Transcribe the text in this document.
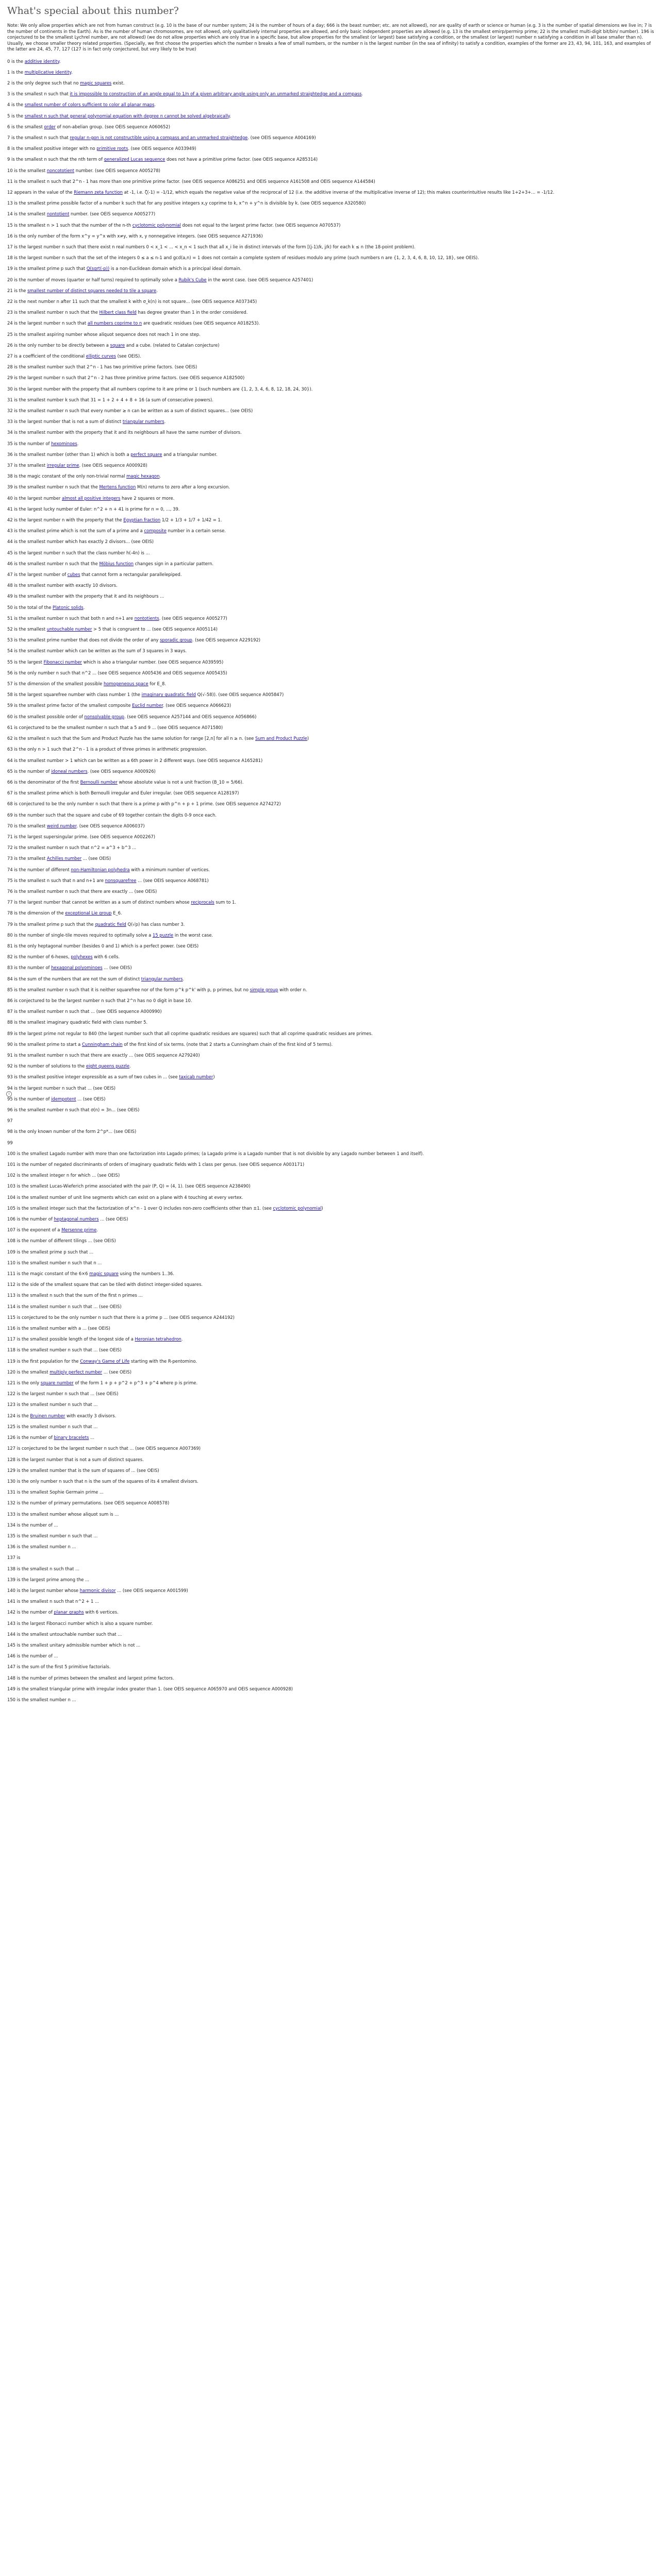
What's special about this number?

Note: We only allow properties which are not from human construct (e.g. 10 is the base of our number system; 24 is the number of hours of a day; 666 is the beast number; etc. are not allowed), nor are quality of earth or science or human (e.g. 3 is the number of spatial dimensions we live in; 7 is the number of continents in the Earth). As is the number of human chromosomes, are not allowed, only qualitatively internal properties are allowed, and only basic independent properties are allowed (e.g. 13 is the smallest emirp/permirp prime; 22 is the smallest multi-digit bit/bin/ number). 196 is conjectured to be the smallest Lychrel number, are not allowed) (we do not allow properties which are only true in a specific base, but allow properties for the smallest (or largest) base satisfying a condition, or the smallest (or largest) number n satisfying a condition in all base smaller than n). Usually, we choose smaller theory related properties. (Specially, we first choose the properties which the number n breaks a few of small numbers, or the number n is the largest number (in the sea of infinity) to satisfy a condition, examples of the former are 23, 43, 94, 101, 163, and examples of the latter are 24, 45, 77, 127 (127 is in fact only conjectured, but very likely to be true)

0 is the additive identity.

1 is the multiplicative identity.

2 is the only degree such that no magic squares exist.

3 is the smallest n such that it is impossible to construction of an angle equal to 1/n of a given arbitrary angle using only an unmarked straightedge and a compass.

4 is the smallest number of colors sufficient to color all planar maps.

5 is the smallest n such that general polynomial equation with degree n cannot be solved algebraically.

6 is the smallest order of non-abelian group. (see OEIS sequence A060652)

7 is the smallest n such that regular n-gon is not constructible using a compass and an unmarked straightedge. (see OEIS sequence A004169)

8 is the smallest positive integer with no primitive roots. (see OEIS sequence A033949)

9 is the smallest n such that the nth term of generalized Lucas sequence does not have a primitive prime factor. (see OEIS sequence A285314)

10 is the smallest noncototient number. (see OEIS sequence A005278)

11 is the smallest n such that 2^n - 1 has more than one primitive prime factor. (see OEIS sequence A086251 and OEIS sequence A161508 and OEIS sequence A144584)

12 appears in the value of the Riemann zeta function at -1, i.e. ζ(-1) = -1/12, which equals the negative value of the reciprocal of 12 (i.e. the additive inverse of the multiplicative inverse of 12); this makes counterintuitive results like 1+2+3+... = -1/12.

13 is the smallest prime possible factor of a number k such that for any positive integers x,y coprime to k, x^n + y^n is divisible by k. (see OEIS sequence A320580)

14 is the smallest nontotient number. (see OEIS sequence A005277)

15 is the smallest n > 1 such that the number of the n-th cyclotomic polynomial does not equal to the largest prime factor. (see OEIS sequence A070537)

16 is the only number of the form x^y = y^x with x≠y, with x, y nonnegative integers. (see OEIS sequence A271936)

17 is the largest number n such that there exist n real numbers 0 < x_1 < ... < x_n < 1 such that all x_i lie in distinct intervals of the form [(j-1)/k, j/k) for each k ≤ n (the 18-point problem).

18 is the largest number n such that the set of the integers 0 ≤ a ≤ n-1 and gcd(a,n) = 1 does not contain a complete system of residues modulo any prime (such numbers n are {1, 2, 3, 4, 6, 8, 10, 12, 18}, see OEIS).

19 is the smallest prime p such that Q(sqrt(-p)) is a non-Euclidean domain which is a principal ideal domain.

20 is the number of moves (quarter or half turns) required to optimally solve a Rubik's Cube in the worst case. (see OEIS sequence A257401)

21 is the smallest number of distinct squares needed to tile a square.

22 is the next number n after 11 such that the smallest k with σ_k(n) is not square... (see OEIS sequence A037345)

23 is the smallest number n such that the Hilbert class field has degree greater than 1 in the order considered.

24 is the largest number n such that all numbers coprime to n are quadratic residues (see OEIS sequence A018253).

25 is the smallest aspiring number whose aliquot sequence does not reach 1 in one step.

26 is the only number to be directly between a square and a cube. (related to Catalan conjecture)

27 is a coefficient of the conditional elliptic curves (see OEIS).

28 is the smallest number such that 2^n - 1 has two primitive prime factors. (see OEIS)

29 is the largest number n such that 2^n - 2 has three primitive prime factors. (see OEIS sequence A182500)

30 is the largest number with the property that all numbers coprime to it are prime or 1 (such numbers are {1, 2, 3, 4, 6, 8, 12, 18, 24, 30}).

31 is the smallest number k such that 31 = 1 + 2 + 4 + 8 + 16 (a sum of consecutive powers).

32 is the smallest number n such that every number ≥ n can be written as a sum of distinct squares... (see OEIS)

33 is the largest number that is not a sum of distinct triangular numbers.

34 is the smallest number with the property that it and its neighbours all have the same number of divisors.

35 is the number of hexominoes.

36 is the smallest number (other than 1) which is both a perfect square and a triangular number.

37 is the smallest irregular prime. (see OEIS sequence A000928)

38 is the magic constant of the only non-trivial normal magic hexagon.

39 is the smallest number n such that the Mertens function M(n) returns to zero after a long excursion.

40 is the largest number almost all positive integers have 2 squares or more.

41 is the largest lucky number of Euler: n^2 + n + 41 is prime for n = 0, ..., 39.

42 is the largest number n with the property that the Egyptian fraction 1/2 + 1/3 + 1/7 + 1/42 = 1.

43 is the smallest prime which is not the sum of a prime and a composite number in a certain sense.

44 is the smallest number which has exactly 2 divisors... (see OEIS)

45 is the largest number n such that the class number h(-4n) is ...

46 is the smallest number n such that the Möbius function changes sign in a particular pattern.

47 is the largest number of cubes that cannot form a rectangular parallelepiped.

48 is the smallest number with exactly 10 divisors.

49 is the smallest number with the property that it and its neighbours ...

50 is the total of the Platonic solids.

51 is the smallest number n such that both n and n+1 are nontotients. (see OEIS sequence A005277)

52 is the smallest untouchable number > 5 that is congruent to ... (see OEIS sequence A005114)

53 is the smallest prime number that does not divide the order of any sporadic group. (see OEIS sequence A229192)

54 is the smallest number which can be written as the sum of 3 squares in 3 ways.

55 is the largest Fibonacci number which is also a triangular number. (see OEIS sequence A039595)

56 is the only number n such that n^2 ... (see OEIS sequence A005436 and OEIS sequence A005435)

57 is the dimension of the smallest possible homogeneous space for E_8.

58 is the largest squarefree number with class number 1 (the imaginary quadratic field Q(√-58)). (see OEIS sequence A005847)

59 is the smallest prime factor of the smallest composite Euclid number. (see OEIS sequence A066623)

60 is the smallest possible order of nonsolvable group. (see OEIS sequence A257144 and OEIS sequence A056866)

61 is conjectured to be the smallest number n such that a 5 and 9 ... (see OEIS sequence A071580)

62 is the smallest n such that the Sum and Product Puzzle has the same solution for range [2,n] for all n ≥ n. (see Sum and Product Puzzle)

63 is the only n > 1 such that 2^n - 1 is a product of three primes in arithmetic progression.

64 is the smallest number > 1 which can be written as a 6th power in 2 different ways. (see OEIS sequence A165281)

65 is the number of idoneal numbers. (see OEIS sequence A000926)

66 is the denominator of the first Bernoulli number whose absolute value is not a unit fraction (B_10 = 5/66).

67 is the smallest prime which is both Bernoulli irregular and Euler irregular. (see OEIS sequence A128197)

68 is conjectured to be the only number n such that there is a prime p with p^n + p + 1 prime. (see OEIS sequence A274272)

69 is the number such that the square and cube of 69 together contain the digits 0-9 once each.

70 is the smallest weird number. (see OEIS sequence A006037)

71 is the largest supersingular prime. (see OEIS sequence A002267)

72 is the smallest number n such that n^2 = a^3 + b^3 ...

73 is the smallest Achilles number ... (see OEIS)

74 is the number of different non-Hamiltonian polyhedra with a minimum number of vertices.

75 is the smallest n such that n and n+1 are nonsquarefree ... (see OEIS sequence A068781)

76 is the smallest number n such that there are exactly ... (see OEIS)

77 is the largest number that cannot be written as a sum of distinct numbers whose reciprocals sum to 1.

78 is the dimension of the exceptional Lie group E_6.

79 is the smallest prime p such that the quadratic field Q(√p) has class number 3.

80 is the number of single-tile moves required to optimally solve a 15 puzzle in the worst case.

81 is the only heptagonal number (besides 0 and 1) which is a perfect power. (see OEIS)

82 is the number of 6-hexes, polyhexes with 6 cells.

83 is the number of hexagonal polyominoes ... (see OEIS)

84 is the sum of the numbers that are not the sum of distinct triangular numbers.

85 is the smallest number n such that it is neither squarefree nor of the form p^k p^k' with p, p primes, but no simple group with order n.

86 is conjectured to be the largest number n such that 2^n has no 0 digit in base 10.

87 is the smallest number n such that ... (see OEIS sequence A000990)

88 is the smallest imaginary quadratic field with class number 5.

89 is the largest prime not regular to 840 (the largest number such that all coprime quadratic residues are squares) such that all coprime quadratic residues are primes.

90 is the smallest prime to start a Cunningham chain of the first kind of six terms. (note that 2 starts a Cunningham chain of the first kind of 5 terms).

91 is the smallest number n such that there are exactly ... (see OEIS sequence A279240)

92 is the number of solutions to the eight queens puzzle.

93 is the smallest positive integer expressible as a sum of two cubes in ... (see taxicab number)

94 is the largest number n such that ... (see OEIS)

95 is the number of idempotent ... (see OEIS)

96 is the smallest number n such that σ(n) = 3n... (see OEIS)

97

98 is the only known number of the form 2^p*... (see OEIS)

99

100 is the smallest Lagado number with more than one factorization into Lagado primes; (a Lagado prime is a Lagado number that is not divisible by any Lagado number between 1 and itself).

101 is the number of negated discriminants of orders of imaginary quadratic fields with 1 class per genus. (see OEIS sequence A003171)

102 is the smallest integer n for which ... (see OEIS)

103 is the smallest Lucas-Wieferich prime associated with the pair (P, Q) = (4, 1). (see OEIS sequence A238490)

104 is the smallest number of unit line segments which can exist on a plane with 4 touching at every vertex.

105 is the smallest integer such that the factorization of x^n - 1 over Q includes non-zero coefficients other than ±1. (see cyclotomic polynomial)

106 is the number of heptagonal numbers ... (see OEIS)

107 is the exponent of a Mersenne prime.

108 is the number of different tilings ... (see OEIS)

109 is the smallest prime p such that ...

110 is the smallest number n such that n ...

111 is the magic constant of the 6×6 magic square using the numbers 1..36.

112 is the side of the smallest square that can be tiled with distinct integer-sided squares.

113 is the smallest n such that the sum of the first n primes ...

114 is the smallest number n such that ... (see OEIS)

115 is conjectured to be the only number n such that there is a prime p ... (see OEIS sequence A244192)

116 is the smallest number with a ... (see OEIS)

117 is the smallest possible length of the longest side of a Heronian tetrahedron.

118 is the smallest number n such that ... (see OEIS)

119 is the first population for the Conway's Game of Life starting with the R-pentomino.

120 is the smallest multiply perfect number ... (see OEIS)

121 is the only square number of the form 1 + p + p^2 + p^3 + p^4 where p is prime.

122 is the largest number n such that ... (see OEIS)

123 is the smallest number n such that ...

124 is the Bruinen number with exactly 3 divisors.

125 is the smallest number n such that ...

126 is the number of binary bracelets ...

127 is conjectured to be the largest number n such that ... (see OEIS sequence A007369)

128 is the largest number that is not a sum of distinct squares.

129 is the smallest number that is the sum of squares of ... (see OEIS)

130 is the only number n such that n is the sum of the squares of its 4 smallest divisors.

131 is the smallest Sophie Germain prime ...

132 is the number of primary permutations. (see OEIS sequence A008578)

133 is the smallest number whose aliquot sum is ...

134 is the number of ...

135 is the smallest number n such that ...

136 is the smallest number n ...

137 is

138 is the smallest n such that ...

139 is the largest prime among the ...

140 is the largest number whose harmonic divisor ... (see OEIS sequence A001599)

141 is the smallest n such that n^2 + 1 ...

142 is the number of planar graphs with 6 vertices.

143 is the largest Fibonacci number which is also a square number.

144 is the smallest untouchable number such that ...

145 is the smallest unitary admissible number which is not ...

146 is the number of ...

147 is the sum of the first 5 primitive factorials.

148 is the number of primes between the smallest and largest prime factors.

149 is the smallest triangular prime with irregular index greater than 1. (see OEIS sequence A065970 and OEIS sequence A000928)

150 is the smallest number n ...

i
